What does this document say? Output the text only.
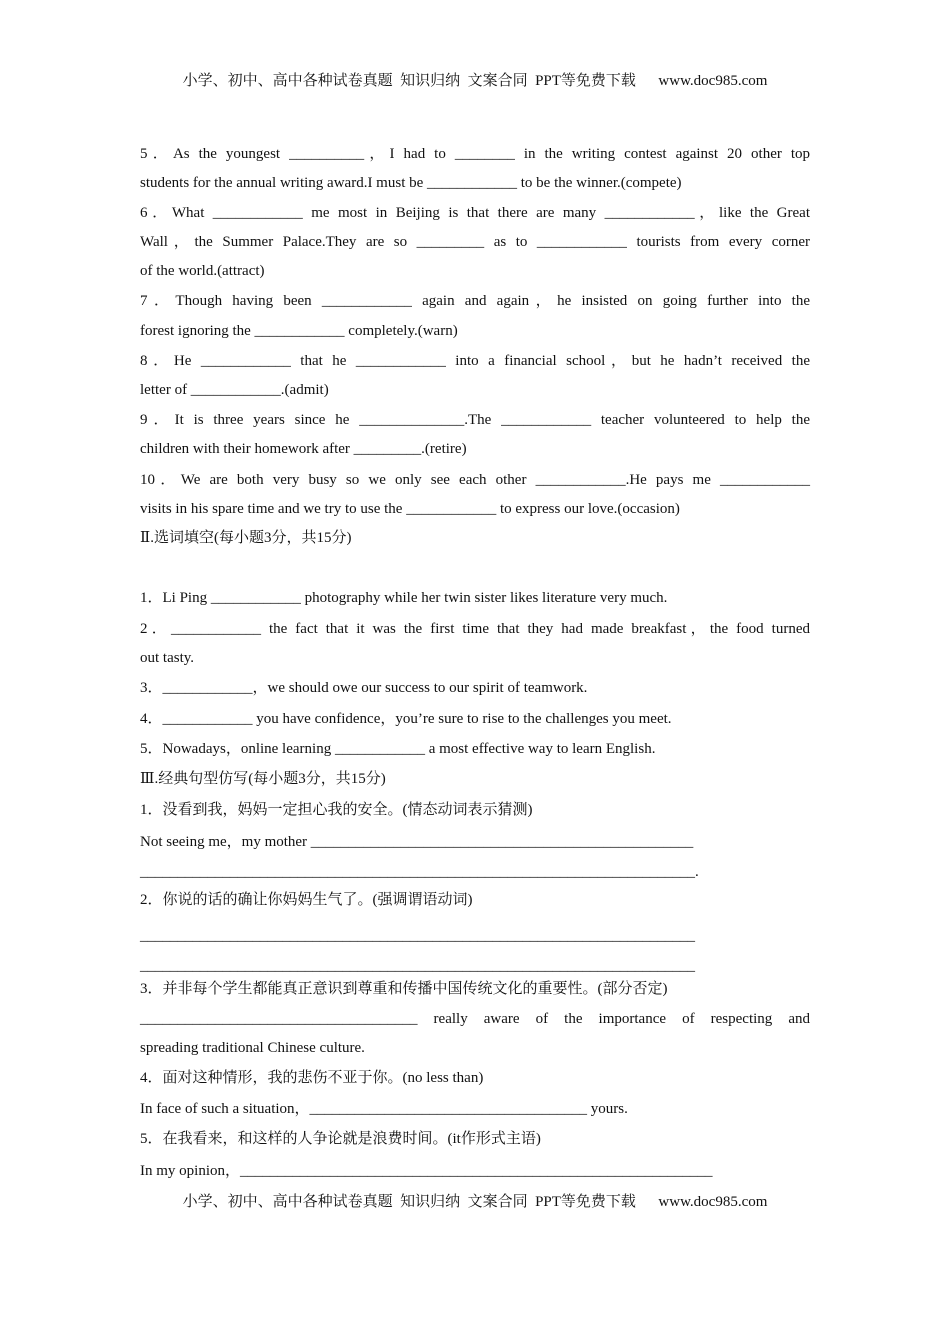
小学、初中、高中各种试卷真题  知识归纳  文案合同  PPT等免费下载      www.doc985.com
5．As the youngest __________，I had to ________ in the writing contest against 20 other top
students for the annual writing award.I must be ____________ to be the winner.(compete)
6．What ____________ me most in Beijing is that there are many ____________，like the Great
Wall，the Summer Palace.They are so _________ as to ____________ tourists from every corner
of the world.(attract)
7．Though having been ____________ again and again，he insisted on going further into the
forest ignoring the ____________ completely.(warn)
8．He ____________ that he ____________ into a financial school，but he hadn’t received the
letter of ____________.(admit)
9．It is three years since he ______________.The ____________ teacher volunteered to help the
children with their homework after _________.(retire)
10．We are both very busy so we only see each other ____________.He pays me ____________
visits in his spare time and we try to use the ____________ to express our love.(occasion)
Ⅱ.选词填空(每小题3分，共15分)
1．Li Ping ____________ photography while her twin sister likes literature very much.
2．____________ the fact that it was the first time that they had made breakfast，the food turned
out tasty.
3．____________，we should owe our success to our spirit of teamwork.
4．____________ you have confidence，you’re sure to rise to the challenges you meet.
5．Nowadays，online learning ____________ a most effective way to learn English.
Ⅲ.经典句型仿写(每小题3分，共15分)
1．没看到我，妈妈一定担心我的安全。(情态动词表示猜测)
Not seeing me，my mother ___________________________________________________
__________________________________________________________________________.
2．你说的话的确让你妈妈生气了。(强调谓语动词)
__________________________________________________________________________
__________________________________________________________________________
3．并非每个学生都能真正意识到尊重和传播中国传统文化的重要性。(部分否定)
_____________________________________ really aware of the importance of respecting and
spreading traditional Chinese culture.
4．面对这种情形，我的悲伤不亚于你。(no less than)
In face of such a situation，_____________________________________ yours.
5．在我看来，和这样的人争论就是浪费时间。(it作形式主语)
In my opinion，_______________________________________________________________
小学、初中、高中各种试卷真题  知识归纳  文案合同  PPT等免费下载      www.doc985.com
